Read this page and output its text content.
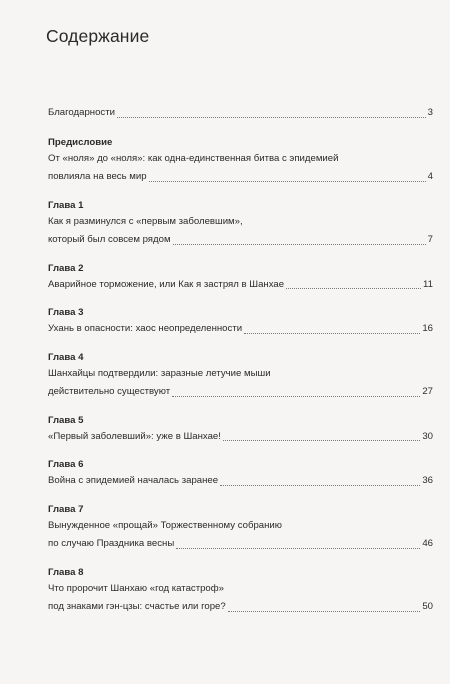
Содержание
Благодарности	3
Предисловие
От «ноля» до «ноля»: как одна-единственная битва с эпидемией
повлияла на весь мир	4
Глава 1
Как я разминулся с «первым заболевшим»,
который был совсем рядом	7
Глава 2
Аварийное торможение, или Как я застрял в Шанхае	11
Глава 3
Ухань в опасности: хаос неопределенности	16
Глава 4
Шанхайцы подтвердили: заразные летучие мыши
действительно существуют	27
Глава 5
«Первый заболевший»: уже в Шанхае!	30
Глава 6
Война с эпидемией началась заранее	36
Глава 7
Вынужденное «прощай» Торжественному собранию
по случаю Праздника весны	46
Глава 8
Что пророчит Шанхаю «год катастроф»
под знаками гэн-цзы: счастье или горе?	50
